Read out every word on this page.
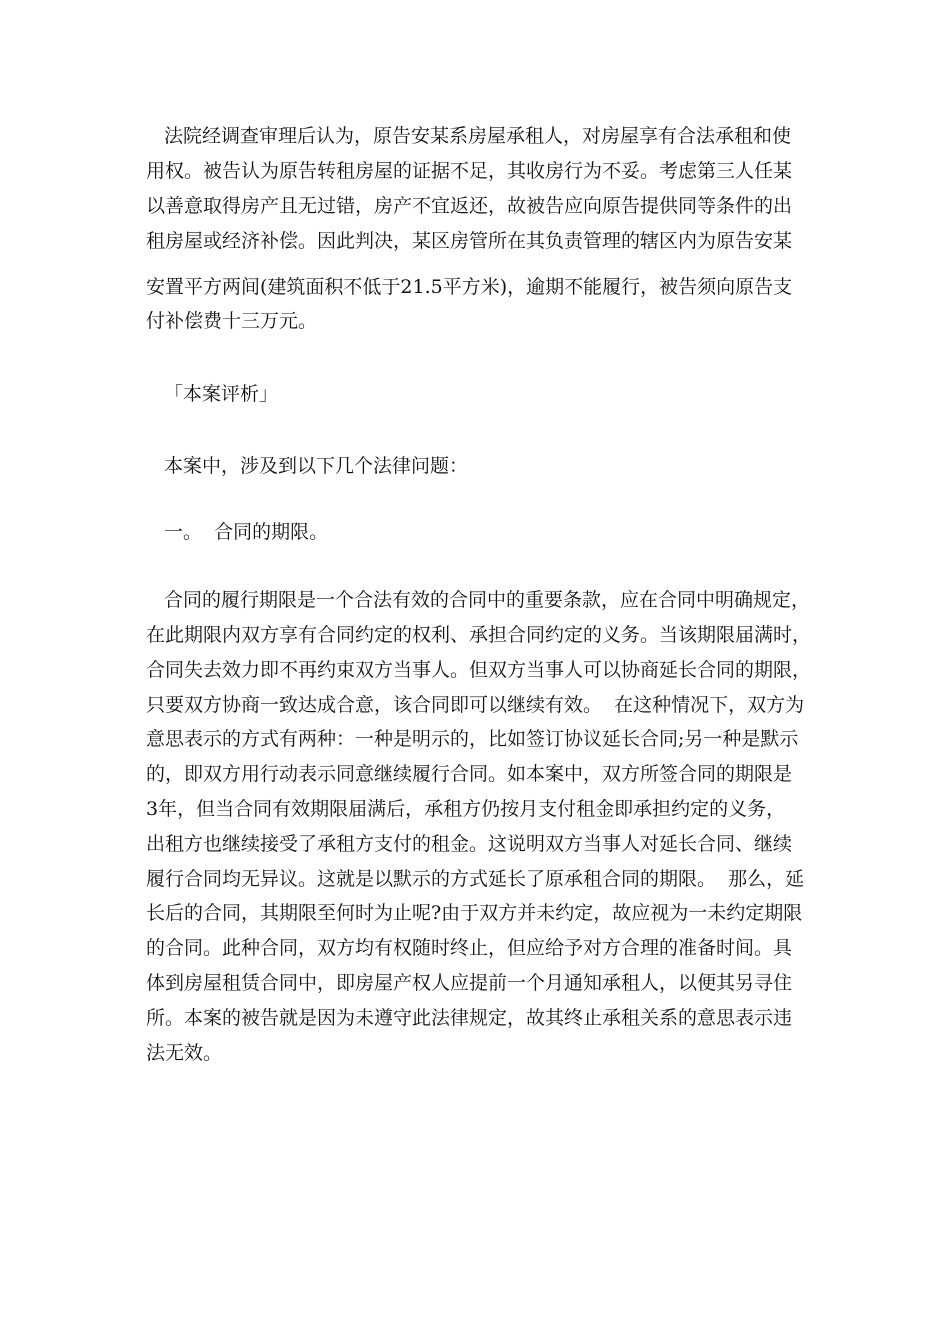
法院经调查审理后认为，原告安某系房屋承租人，对房屋享有合法承租和使
用权。被告认为原告转租房屋的证据不足，其收房行为不妥。考虑第三人任某
以善意取得房产且无过错，房产不宜返还，故被告应向原告提供同等条件的出
租房屋或经济补偿。因此判决，某区房管所在其负责管理的辖区内为原告安某
安置平方两间(建筑面积不低于21.5平方米)，逾期不能履行，被告须向原告支
付补偿费十三万元。
「本案评析」
本案中，涉及到以下几个法律问题：
一。  合同的期限。
合同的履行期限是一个合法有效的合同中的重要条款，应在合同中明确规定，
在此期限内双方享有合同约定的权利、承担合同约定的义务。当该期限届满时，
合同失去效力即不再约束双方当事人。但双方当事人可以协商延长合同的期限，
只要双方协商一致达成合意，该合同即可以继续有效。  在这种情况下，双方为
意思表示的方式有两种：一种是明示的，比如签订协议延长合同;另一种是默示
的，即双方用行动表示同意继续履行合同。如本案中，双方所签合同的期限是
3年，但当合同有效期限届满后，承租方仍按月支付租金即承担约定的义务，
出租方也继续接受了承租方支付的租金。这说明双方当事人对延长合同、继续
履行合同均无异议。这就是以默示的方式延长了原承租合同的期限。  那么，延
长后的合同，其期限至何时为止呢?由于双方并未约定，故应视为一未约定期限
的合同。此种合同，双方均有权随时终止，但应给予对方合理的准备时间。具
体到房屋租赁合同中，即房屋产权人应提前一个月通知承租人，以便其另寻住
所。本案的被告就是因为未遵守此法律规定，故其终止承租关系的意思表示违
法无效。
